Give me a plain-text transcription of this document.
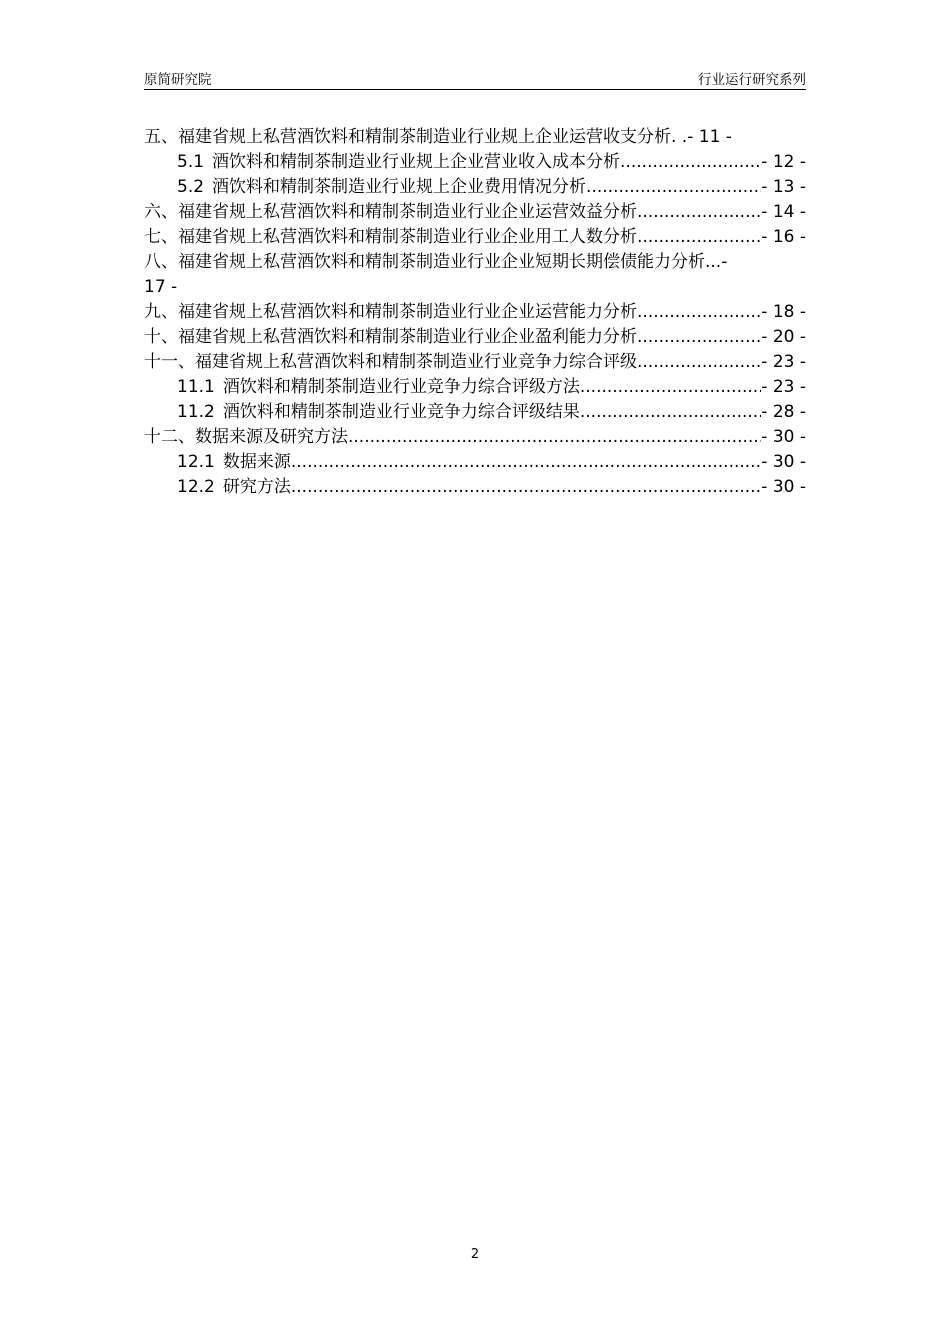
原简研究院	行业运行研究系列
五、福建省规上私营酒饮料和精制茶制造业行业规上企业运营收支分析 . . - 11 -
5.1 酒饮料和精制茶制造业行业规上企业营业收入成本分析 .....	- 12 -
5.2 酒饮料和精制茶制造业行业规上企业费用情况分析 .....	- 13 -
六、福建省规上私营酒饮料和精制茶制造业行业企业运营效益分析 .....	- 14 -
七、福建省规上私营酒饮料和精制茶制造业行业企业用工人数分析 .....	- 16 -
八、福建省规上私营酒饮料和精制茶制造业行业企业短期长期偿债能力分析 ... -
17 -
九、福建省规上私营酒饮料和精制茶制造业行业企业运营能力分析 .....	- 18 -
十、福建省规上私营酒饮料和精制茶制造业行业企业盈利能力分析 .....	- 20 -
十一、福建省规上私营酒饮料和精制茶制造业行业竞争力综合评级 .....	- 23 -
11.1 酒饮料和精制茶制造业行业竞争力综合评级方法 .....	- 23 -
11.2 酒饮料和精制茶制造业行业竞争力综合评级结果 .....	- 28 -
十二、数据来源及研究方法 .....	- 30 -
12.1 数据来源 .....	- 30 -
12.2 研究方法 .....	- 30 -
2
